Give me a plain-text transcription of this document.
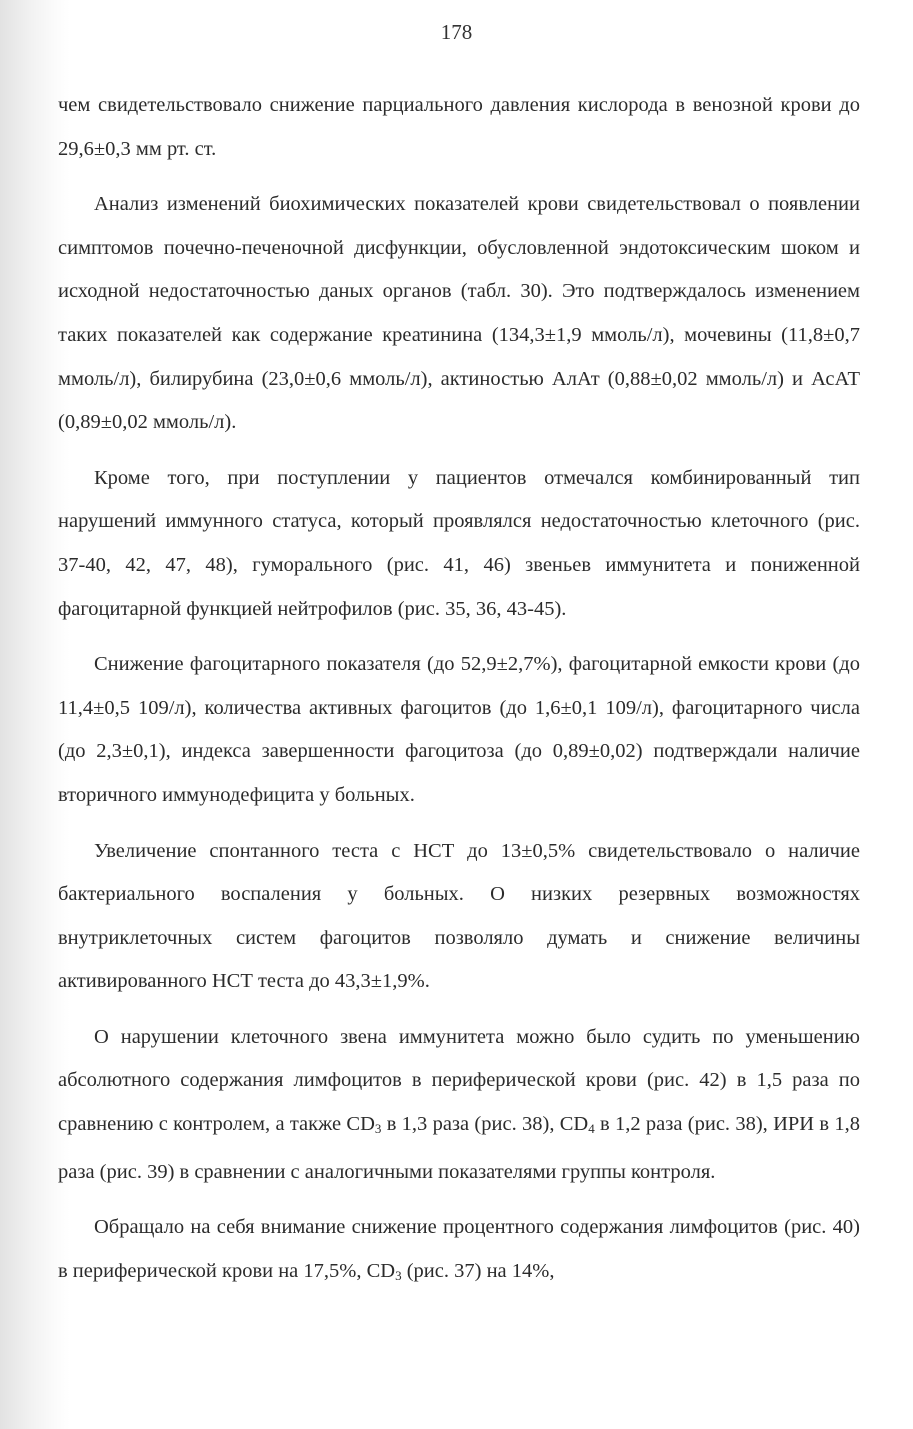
178

чем свидетельствовало снижение парциального давления кислорода в венозной крови до 29,6±0,3 мм рт. ст.

Анализ изменений биохимических показателей крови свидетельствовал о появлении симптомов почечно-печеночной дисфункции, обусловленной эндотоксическим шоком и исходной недостаточностью даных органов (табл. 30). Это подтверждалось изменением таких показателей как содержание креатинина (134,3±1,9 ммоль/л), мочевины (11,8±0,7 ммоль/л), билирубина (23,0±0,6 ммоль/л), актиностью АлАт (0,88±0,02 ммоль/л) и АсАТ (0,89±0,02 ммоль/л).

Кроме того, при поступлении у пациентов отмечался комбинированный тип нарушений иммунного статуса, который проявлялся недостаточностью клеточного (рис. 37-40, 42, 47, 48), гуморального (рис. 41, 46) звеньев иммунитета и пониженной фагоцитарной функцией нейтрофилов (рис. 35, 36, 43-45).

Снижение фагоцитарного показателя (до 52,9±2,7%), фагоцитарной емкости крови (до 11,4±0,5 109/л), количества активных фагоцитов (до 1,6±0,1 109/л), фагоцитарного числа (до 2,3±0,1), индекса завершенности фагоцитоза (до 0,89±0,02) подтверждали наличие вторичного иммунодефицита у больных.

Увеличение спонтанного теста с НСТ до 13±0,5% свидетельствовало о наличие бактериального воспаления у больных. О низких резервных возможностях внутриклеточных систем фагоцитов позволяло думать и снижение величины активированного НСТ теста до 43,3±1,9%.

О нарушении клеточного звена иммунитета можно было судить по уменьшению абсолютного содержания лимфоцитов в периферической крови (рис. 42) в 1,5 раза по сравнению с контролем, а также $CD_3$ в 1,3 раза (рис. 38), $CD_4$ в 1,2 раза (рис. 38), ИРИ в 1,8 раза (рис. 39) в сравнении с аналогичными показателями группы контроля.

Обращало на себя внимание снижение процентного содержания лимфоцитов (рис. 40) в периферической крови на 17,5%, $CD_3$ (рис. 37) на 14%,
